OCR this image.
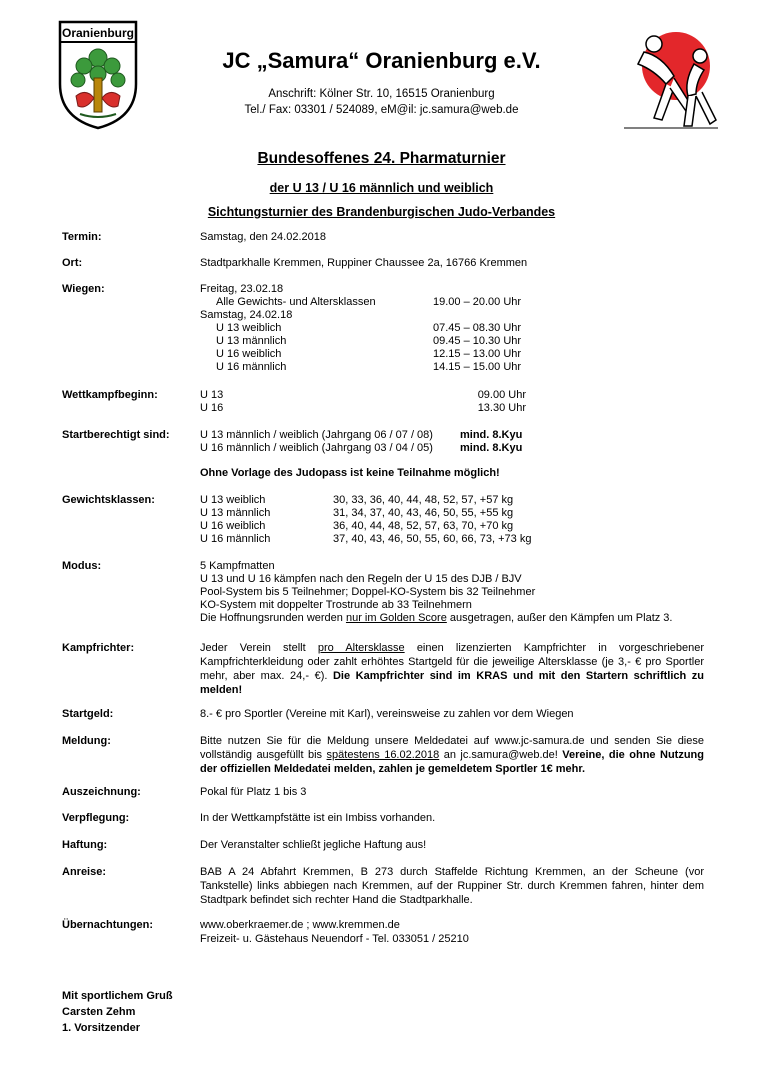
Oranienburg
JC „Samura“ Oranienburg e.V.
Anschrift: Kölner Str. 10, 16515 Oranienburg
Tel./ Fax: 03301 / 524089, eM@il: jc.samura@web.de
Bundesoffenes 24. Pharmaturnier
der U 13 / U 16 männlich und weiblich
Sichtungsturnier des Brandenburgischen Judo-Verbandes
Termin:	Samstag, den 24.02.2018
Ort:	Stadtparkhalle Kremmen, Ruppiner Chaussee 2a, 16766 Kremmen
Wiegen:	Freitag, 23.02.18
Alle Gewichts- und Altersklassen	19.00 – 20.00 Uhr
Samstag, 24.02.18
U 13 weiblich	07.45 – 08.30 Uhr
U 13 männlich	09.45 – 10.30 Uhr
U 16 weiblich	12.15 – 13.00 Uhr
U 16 männlich	14.15 – 15.00 Uhr
Wettkampfbeginn:	U 13	09.00 Uhr
U 16	13.30 Uhr
Startberechtigt sind:	U 13 männlich / weiblich (Jahrgang 06 / 07 / 08) mind. 8.Kyu
U 16 männlich / weiblich (Jahrgang 03 / 04 / 05) mind. 8.Kyu
Ohne Vorlage des Judopass ist keine Teilnahme möglich!
Gewichtsklassen:	U 13 weiblich	30, 33, 36, 40, 44, 48, 52, 57, +57 kg
U 13 männlich	31, 34, 37, 40, 43, 46, 50, 55, +55 kg
U 16 weiblich	36, 40, 44, 48, 52, 57, 63, 70, +70 kg
U 16 männlich	37, 40, 43, 46, 50, 55, 60, 66, 73, +73 kg
Modus:	5 Kampfmatten
U 13 und U 16 kämpfen nach den Regeln der U 15 des DJB / BJV
Pool-System bis 5 Teilnehmer; Doppel-KO-System bis 32 Teilnehmer
KO-System mit doppelter Trostrunde ab 33 Teilnehmern
Die Hoffnungsrunden werden nur im Golden Score ausgetragen, außer den Kämpfen um Platz 3.
Kampfrichter:	Jeder Verein stellt pro Altersklasse einen lizenzierten Kampfrichter in vorgeschriebener Kampfrichterkleidung oder zahlt erhöhtes Startgeld für die jeweilige Altersklasse (je 3,- € pro Sportler mehr, aber max. 24,- €). Die Kampfrichter sind im KRAS und mit den Startern schriftlich zu melden!
Startgeld:	8.- € pro Sportler (Vereine mit Karl), vereinsweise zu zahlen vor dem Wiegen
Meldung:	Bitte nutzen Sie für die Meldung unsere Meldedatei auf www.jc-samura.de und senden Sie diese vollständig ausgefüllt bis spätestens 16.02.2018 an jc.samura@web.de! Vereine, die ohne Nutzung der offiziellen Meldedatei melden, zahlen je gemeldetem Sportler 1€ mehr.
Auszeichnung:	Pokal für Platz 1 bis 3
Verpflegung:	In der Wettkampfstätte ist ein Imbiss vorhanden.
Haftung:	Der Veranstalter schließt jegliche Haftung aus!
Anreise:	BAB A 24 Abfahrt Kremmen, B 273 durch Staffelde Richtung Kremmen, an der Scheune (vor Tankstelle) links abbiegen nach Kremmen, auf der Ruppiner Str. durch Kremmen fahren, hinter dem Stadtpark befindet sich rechter Hand die Stadtparkhalle.
Übernachtungen:	www.oberkraemer.de ; www.kremmen.de
Freizeit- u. Gästehaus Neuendorf - Tel. 033051 / 25210
Mit sportlichem Gruß
Carsten Zehm
1. Vorsitzender
